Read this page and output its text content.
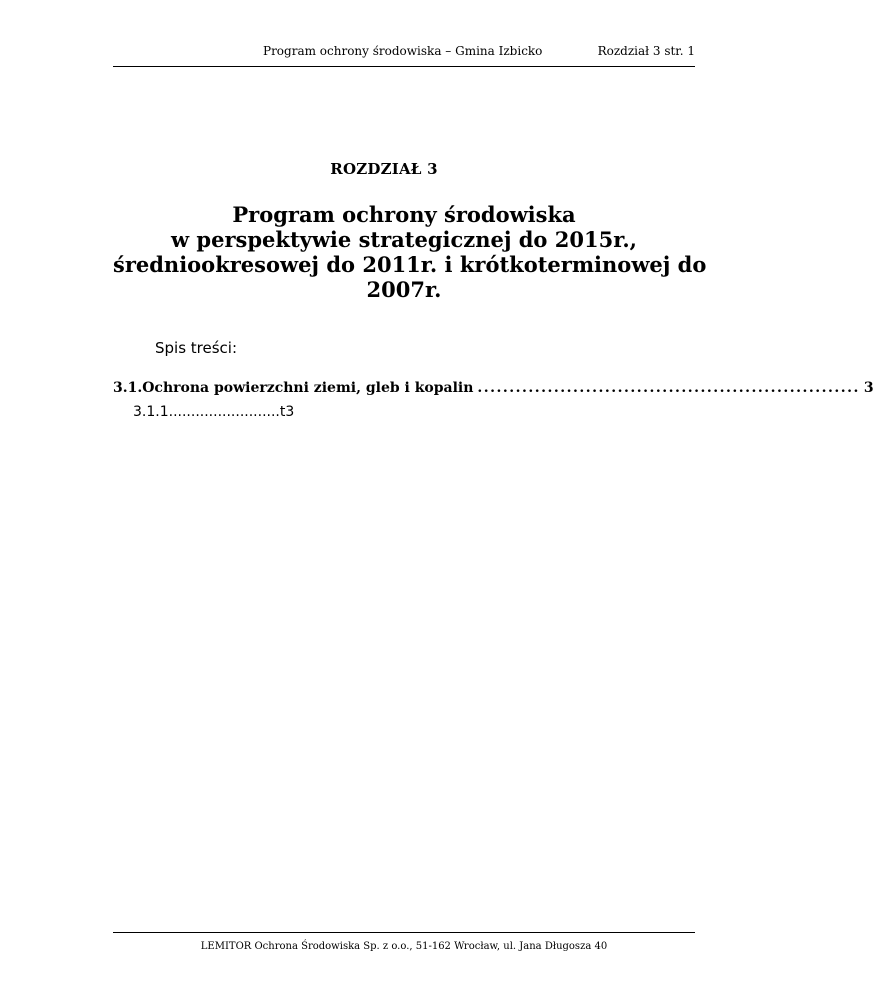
Program ochrony środowiska – Gmina Izbicko	Rozdział 3 str. 1
ROZDZIAŁ 3
Program ochrony środowiska
w perspektywie strategicznej do 2015r.,
średniookresowej do 2011r. i krótkoterminowej do
2007r.
Spis treści:
3.1. Ochrona powierzchni ziemi, gleb i kopalin ............................................................ 3
3.1.1.........................t3
LEMITOR Ochrona Środowiska Sp. z o.o., 51-162 Wrocław, ul. Jana Długosza 40
